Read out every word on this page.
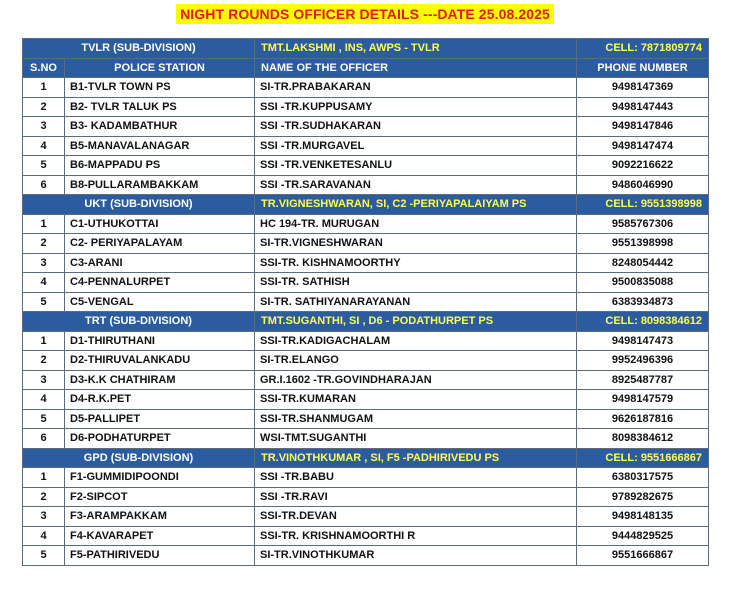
NIGHT ROUNDS OFFICER DETAILS ---DATE 25.08.2025
TVLR (SUB-DIVISION)		TMT.LAKSHMI , INS, AWPS - TVLR	CELL: 7871809774
S.NO	POLICE STATION	NAME OF THE OFFICER	PHONE NUMBER
1	B1-TVLR TOWN PS	SI-TR.PRABAKARAN	9498147369
2	B2- TVLR TALUK PS	SSI -TR.KUPPUSAMY	9498147443
3	B3- KADAMBATHUR	SSI -TR.SUDHAKARAN	9498147846
4	B5-MANAVALANAGAR	SSI -TR.MURGAVEL	9498147474
5	B6-MAPPADU PS	SSI -TR.VENKETESANLU	9092216622
6	B8-PULLARAMBAKKAM	SSI -TR.SARAVANAN	9486046990
UKT (SUB-DIVISION)		TR.VIGNESHWARAN, SI, C2 -PERIYAPALAIYAM PS	CELL: 9551398998
1	C1-UTHUKOTTAI	HC 194-TR. MURUGAN	9585767306
2	C2- PERIYAPALAYAM	SI-TR.VIGNESHWARAN	9551398998
3	C3-ARANI	SSI-TR. KISHNAMOORTHY	8248054442
4	C4-PENNALURPET	SSI-TR. SATHISH	9500835088
5	C5-VENGAL	SI-TR. SATHIYANARAYANAN	6383934873
TRT (SUB-DIVISION)		TMT.SUGANTHI, SI , D6 - PODATHURPET PS	CELL: 8098384612
1	D1-THIRUTHANI	SSI-TR.KADIGACHALAM	9498147473
2	D2-THIRUVALANKADU	SI-TR.ELANGO	9952496396
3	D3-K.K CHATHIRAM	GR.I.1602 -TR.GOVINDHARAJAN	8925487787
4	D4-R.K.PET	SSI-TR.KUMARAN	9498147579
5	D5-PALLIPET	SSI-TR.SHANMUGAM	9626187816
6	D6-PODHATURPET	WSI-TMT.SUGANTHI	8098384612
GPD (SUB-DIVISION)		TR.VINOTHKUMAR , SI, F5 -PADHIRIVEDU PS	CELL: 9551666867
1	F1-GUMMIDIPOONDI	SSI -TR.BABU	6380317575
2	F2-SIPCOT	SSI -TR.RAVI	9789282675
3	F3-ARAMPAKKAM	SSI-TR.DEVAN	9498148135
4	F4-KAVARAPET	SSI-TR. KRISHNAMOORTHI R	9444829525
5	F5-PATHIRIVEDU	SI-TR.VINOTHKUMAR	9551666867
